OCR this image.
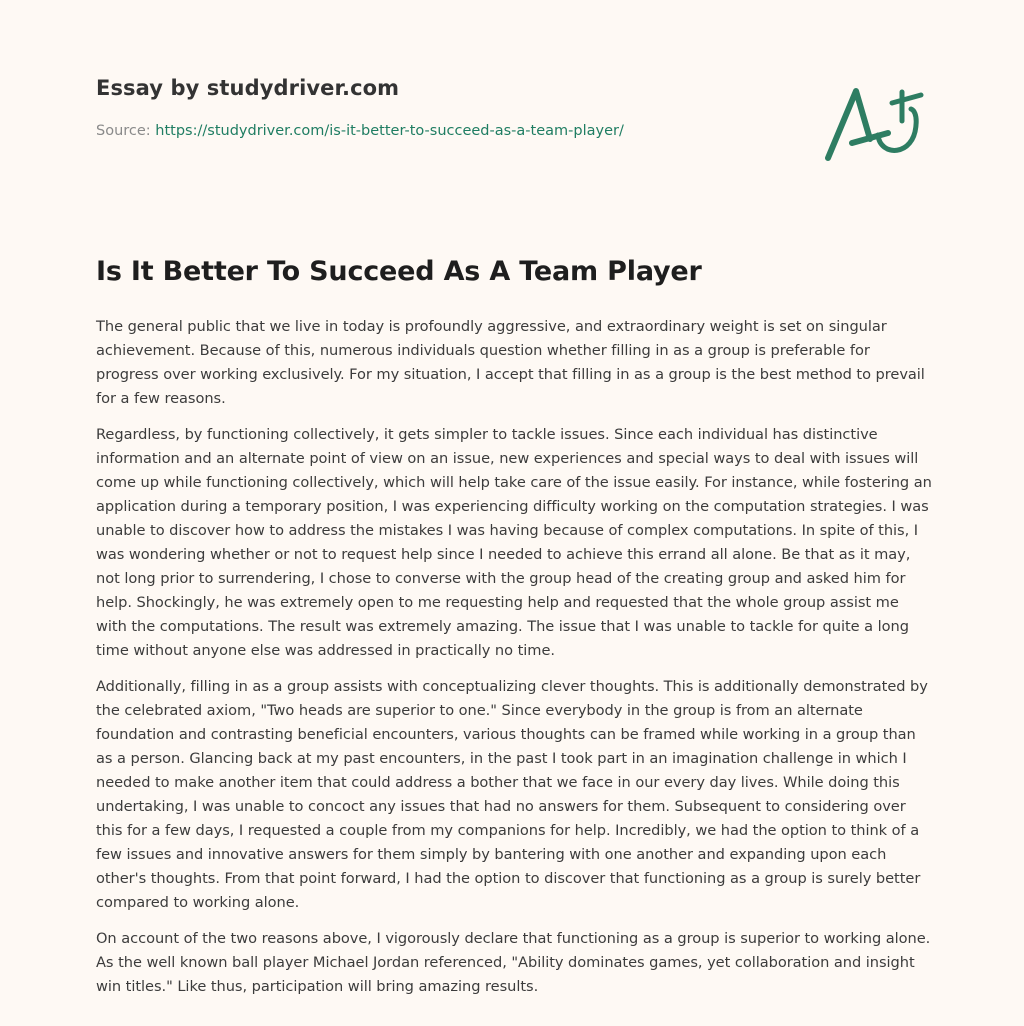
Essay by studydriver.com
Source: https://studydriver.com/is-it-better-to-succeed-as-a-team-player/
Is It Better To Succeed As A Team Player

The general public that we live in today is profoundly aggressive, and extraordinary weight is set on singular achievement. Because of this, numerous individuals question whether filling in as a group is preferable for progress over working exclusively. For my situation, I accept that filling in as a group is the best method to prevail for a few reasons.

Regardless, by functioning collectively, it gets simpler to tackle issues. Since each individual has distinctive information and an alternate point of view on an issue, new experiences and special ways to deal with issues will come up while functioning collectively, which will help take care of the issue easily. For instance, while fostering an application during a temporary position, I was experiencing difficulty working on the computation strategies. I was unable to discover how to address the mistakes I was having because of complex computations. In spite of this, I was wondering whether or not to request help since I needed to achieve this errand all alone. Be that as it may, not long prior to surrendering, I chose to converse with the group head of the creating group and asked him for help. Shockingly, he was extremely open to me requesting help and requested that the whole group assist me with the computations. The result was extremely amazing. The issue that I was unable to tackle for quite a long time without anyone else was addressed in practically no time.

Additionally, filling in as a group assists with conceptualizing clever thoughts. This is additionally demonstrated by the celebrated axiom, "Two heads are superior to one." Since everybody in the group is from an alternate foundation and contrasting beneficial encounters, various thoughts can be framed while working in a group than as a person. Glancing back at my past encounters, in the past I took part in an imagination challenge in which I needed to make another item that could address a bother that we face in our every day lives. While doing this undertaking, I was unable to concoct any issues that had no answers for them. Subsequent to considering over this for a few days, I requested a couple from my companions for help. Incredibly, we had the option to think of a few issues and innovative answers for them simply by bantering with one another and expanding upon each other's thoughts. From that point forward, I had the option to discover that functioning as a group is surely better compared to working alone.

On account of the two reasons above, I vigorously declare that functioning as a group is superior to working alone. As the well known ball player Michael Jordan referenced, "Ability dominates games, yet collaboration and insight win titles." Like thus, participation will bring amazing results.
